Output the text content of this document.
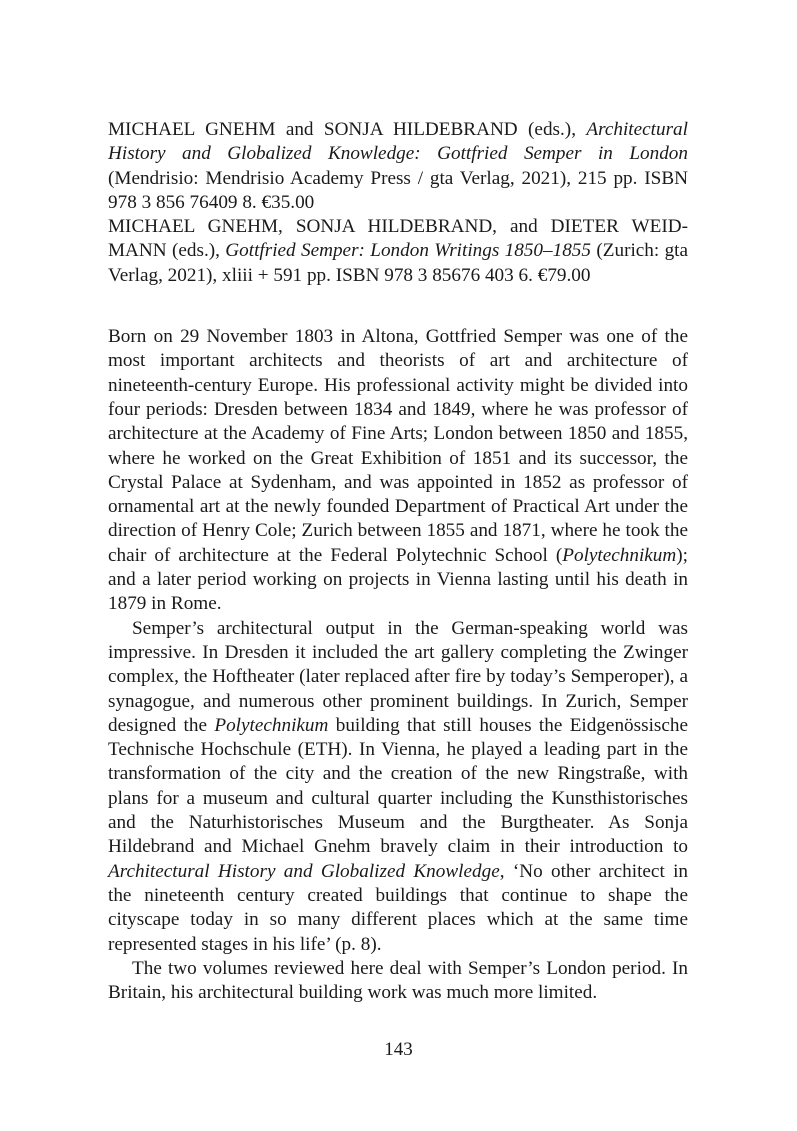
MICHAEL GNEHM and SONJA HILDEBRAND (eds.), Architectural History and Globalized Knowledge: Gottfried Semper in London (Mendrisio: Mendrisio Academy Press / gta Verlag, 2021), 215 pp. ISBN 978 3 856 76409 8. €35.00

MICHAEL GNEHM, SONJA HILDEBRAND, and DIETER WEIDMANN (eds.), Gottfried Semper: London Writings 1850–1855 (Zurich: gta Verlag, 2021), xliii + 591 pp. ISBN 978 3 85676 403 6. €79.00

Born on 29 November 1803 in Altona, Gottfried Semper was one of the most important architects and theorists of art and architecture of nineteenth-century Europe. His professional activity might be divided into four periods: Dresden between 1834 and 1849, where he was professor of architecture at the Academy of Fine Arts; London between 1850 and 1855, where he worked on the Great Exhibition of 1851 and its successor, the Crystal Palace at Sydenham, and was appointed in 1852 as professor of ornamental art at the newly founded Department of Practical Art under the direction of Henry Cole; Zurich between 1855 and 1871, where he took the chair of architecture at the Federal Polytechnic School (Polytechnikum); and a later period working on projects in Vienna lasting until his death in 1879 in Rome.

Semper’s architectural output in the German-speaking world was impressive. In Dresden it included the art gallery completing the Zwinger complex, the Hoftheater (later replaced after fire by today’s Semperoper), a synagogue, and numerous other prominent buildings. In Zurich, Semper designed the Polytechnikum building that still houses the Eidgenössische Technische Hochschule (ETH). In Vienna, he played a leading part in the transformation of the city and the creation of the new Ringstraße, with plans for a museum and cultural quarter including the Kunsthistorisches and the Naturhistorisches Museum and the Burgtheater. As Sonja Hildebrand and Michael Gnehm bravely claim in their introduction to Architectural History and Globalized Knowledge, ‘No other architect in the nineteenth century created buildings that continue to shape the cityscape today in so many different places which at the same time represented stages in his life’ (p. 8).

The two volumes reviewed here deal with Semper’s London period. In Britain, his architectural building work was much more limited.

143
